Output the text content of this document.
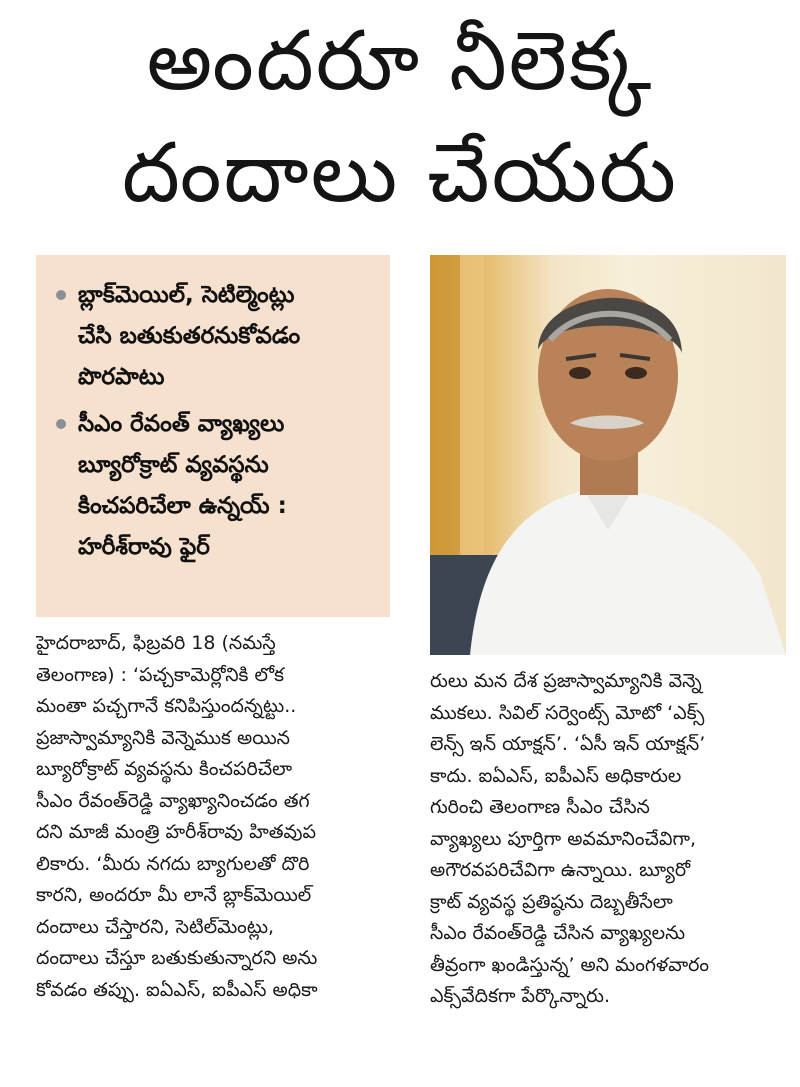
అందరూ నీలెక్క
దందాలు చేయరు
బ్లాక్‌మెయిల్‌, సెటిల్మెంట్లు
చేసి బతుకుతరనుకోవడం
పొరపాటు
సీఎం రేవంత్‌ వ్యాఖ్యలు
బ్యూరోక్రాట్‌ వ్యవస్థను
కించపరిచేలా ఉన్నయ్‌ :
హరీశ్‌రావు ఫైర్‌
హైదరాబాద్‌, ఫిబ్రవరి 18 (నమస్తే
తెలంగాణ) : ‘పచ్చకామెర్లోనికి లోక
మంతా పచ్చగానే కనిపిస్తుందన్నట్టు..
ప్రజాస్వామ్యానికి వెన్నెముక అయిన
బ్యూరోక్రాట్‌ వ్యవస్థను కించపరిచేలా
సీఎం రేవంత్‌రెడ్డి వ్యాఖ్యానించడం తగ
దని మాజీ మంత్రి హరీశ్‌రావు హితవుప
లికారు. ‘మీరు నగదు బ్యాగులతో దొరి
కారని, అందరూ మీ లానే బ్లాక్‌మెయిల్‌
దందాలు చేస్తారని, సెటిల్‌మెంట్లు,
దందాలు చేస్తూ బతుకుతున్నారని అను
కోవడం తప్పు. ఐఏఎస్‌, ఐపీఎస్‌ అధికా
రులు మన దేశ ప్రజాస్వామ్యానికి వెన్నె
ముకలు. సివిల్‌ సర్వెంట్స్‌ మోటో ‘ఎక్స్‌
లెన్స్‌ ఇన్‌ యాక్షన్‌’. ‘ఏసీ ఇన్‌ యాక్షన్‌’
కాదు. ఐఏఎస్‌, ఐపీఎస్‌ అధికారుల
గురించి తెలంగాణ సీఎం చేసిన
వ్యాఖ్యలు పూర్తిగా అవమానించేవిగా,
అగౌరవపరిచేవిగా ఉన్నాయి. బ్యూరో
క్రాట్‌ వ్యవస్థ ప్రతిష్ఠను దెబ్బతీసేలా
సీఎం రేవంత్‌రెడ్డి చేసిన వ్యాఖ్యలను
తీవ్రంగా ఖండిస్తున్న’ అని మంగళవారం
ఎక్స్‌వేదికగా పేర్కొన్నారు.
